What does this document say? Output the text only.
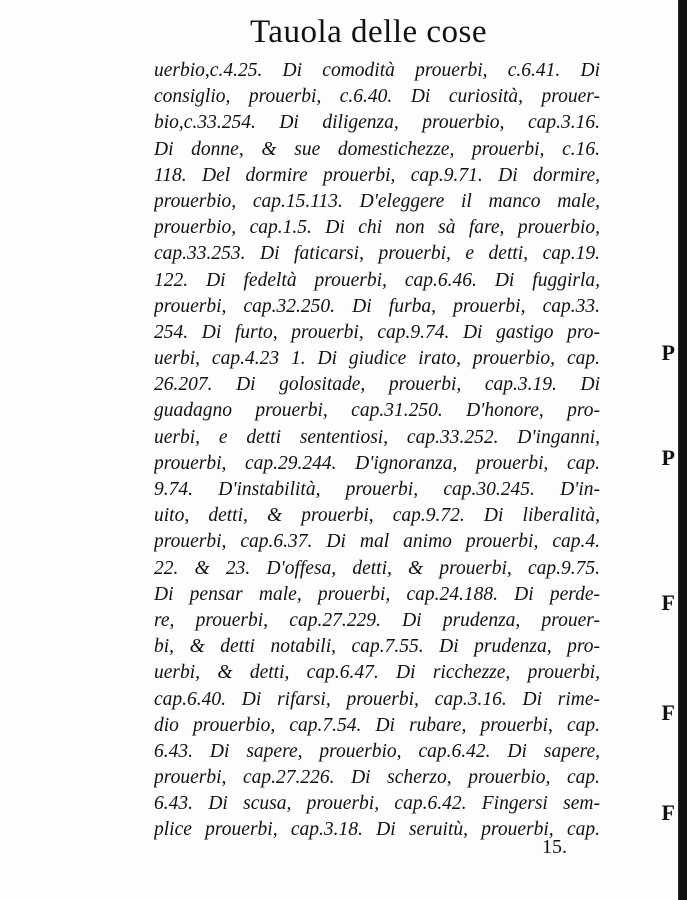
Tauola delle cose
uerbio,c.4.25. Di comodità prouerbi, c.6.41. Di
consiglio, prouerbi, c.6.40. Di curiosità, prouer-
bio,c.33.254. Di diligenza, prouerbio, cap.3.16.
Di donne, & sue domestichezze, prouerbi, c.16.
118. Del dormire prouerbi, cap.9.71. Di dormire,
prouerbio, cap.15.113. D'eleggere il manco male,
prouerbio, cap.1.5. Di chi non sà fare, prouerbio,
cap.33.253. Di faticarsi, prouerbi, e detti, cap.19.
122. Di fedeltà prouerbi, cap.6.46. Di fuggirla,
prouerbi, cap.32.250. Di furba, prouerbi, cap.33.
254. Di furto, prouerbi, cap.9.74. Di gastigo pro-
uerbi, cap.4.23 1. Di giudice irato, prouerbio, cap.
26.207. Di golositade, prouerbi, cap.3.19. Di
guadagno prouerbi, cap.31.250. D'honore, pro-
uerbi, e detti sententiosi, cap.33.252. D'inganni,
prouerbi, cap.29.244. D'ignoranza, prouerbi, cap.
9.74. D'instabilità, prouerbi, cap.30.245. D'in-
uito, detti, & prouerbi, cap.9.72. Di liberalità,
prouerbi, cap.6.37. Di mal animo prouerbi, cap.4.
22. & 23. D'offesa, detti, & prouerbi, cap.9.75.
Di pensar male, prouerbi, cap.24.188. Di perde-
re, prouerbi, cap.27.229. Di prudenza, prouer-
bi, & detti notabili, cap.7.55. Di prudenza, pro-
uerbi, & detti, cap.6.47. Di ricchezze, prouerbi,
cap.6.40. Di rifarsi, prouerbi, cap.3.16. Di rime-
dio prouerbio, cap.7.54. Di rubare, prouerbi, cap.
6.43. Di sapere, prouerbio, cap.6.42. Di sapere,
prouerbi, cap.27.226. Di scherzo, prouerbio, cap.
6.43. Di scusa, prouerbi, cap.6.42. Fingersi sem-
plice prouerbi, cap.3.18. Di seruitù, prouerbi, cap.
15.
P
P
F
F
F
